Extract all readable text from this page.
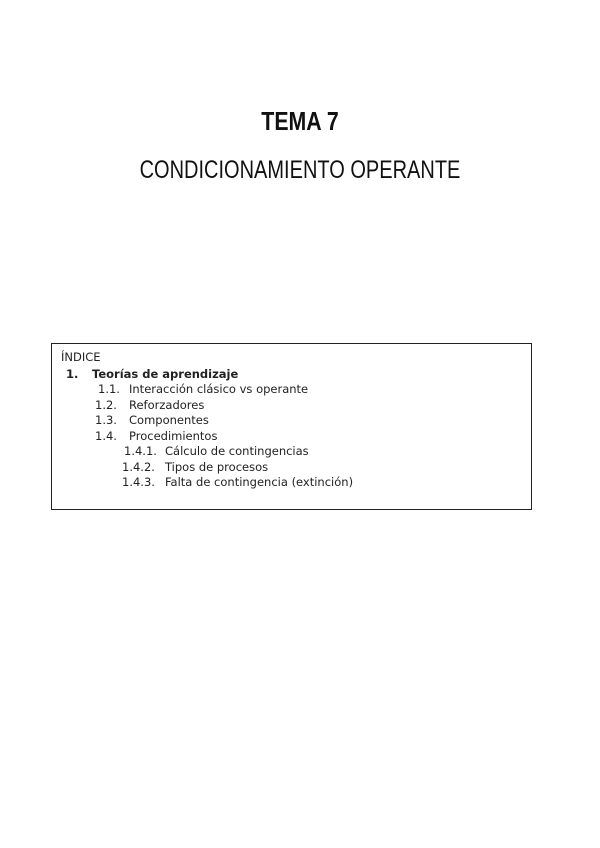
TEMA 7
CONDICIONAMIENTO OPERANTE
ÍNDICE
1. Teorías de aprendizaje
1.1. Interacción clásico vs operante
1.2. Reforzadores
1.3. Componentes
1.4. Procedimientos
1.4.1. Cálculo de contingencias
1.4.2. Tipos de procesos
1.4.3. Falta de contingencia (extinción)
